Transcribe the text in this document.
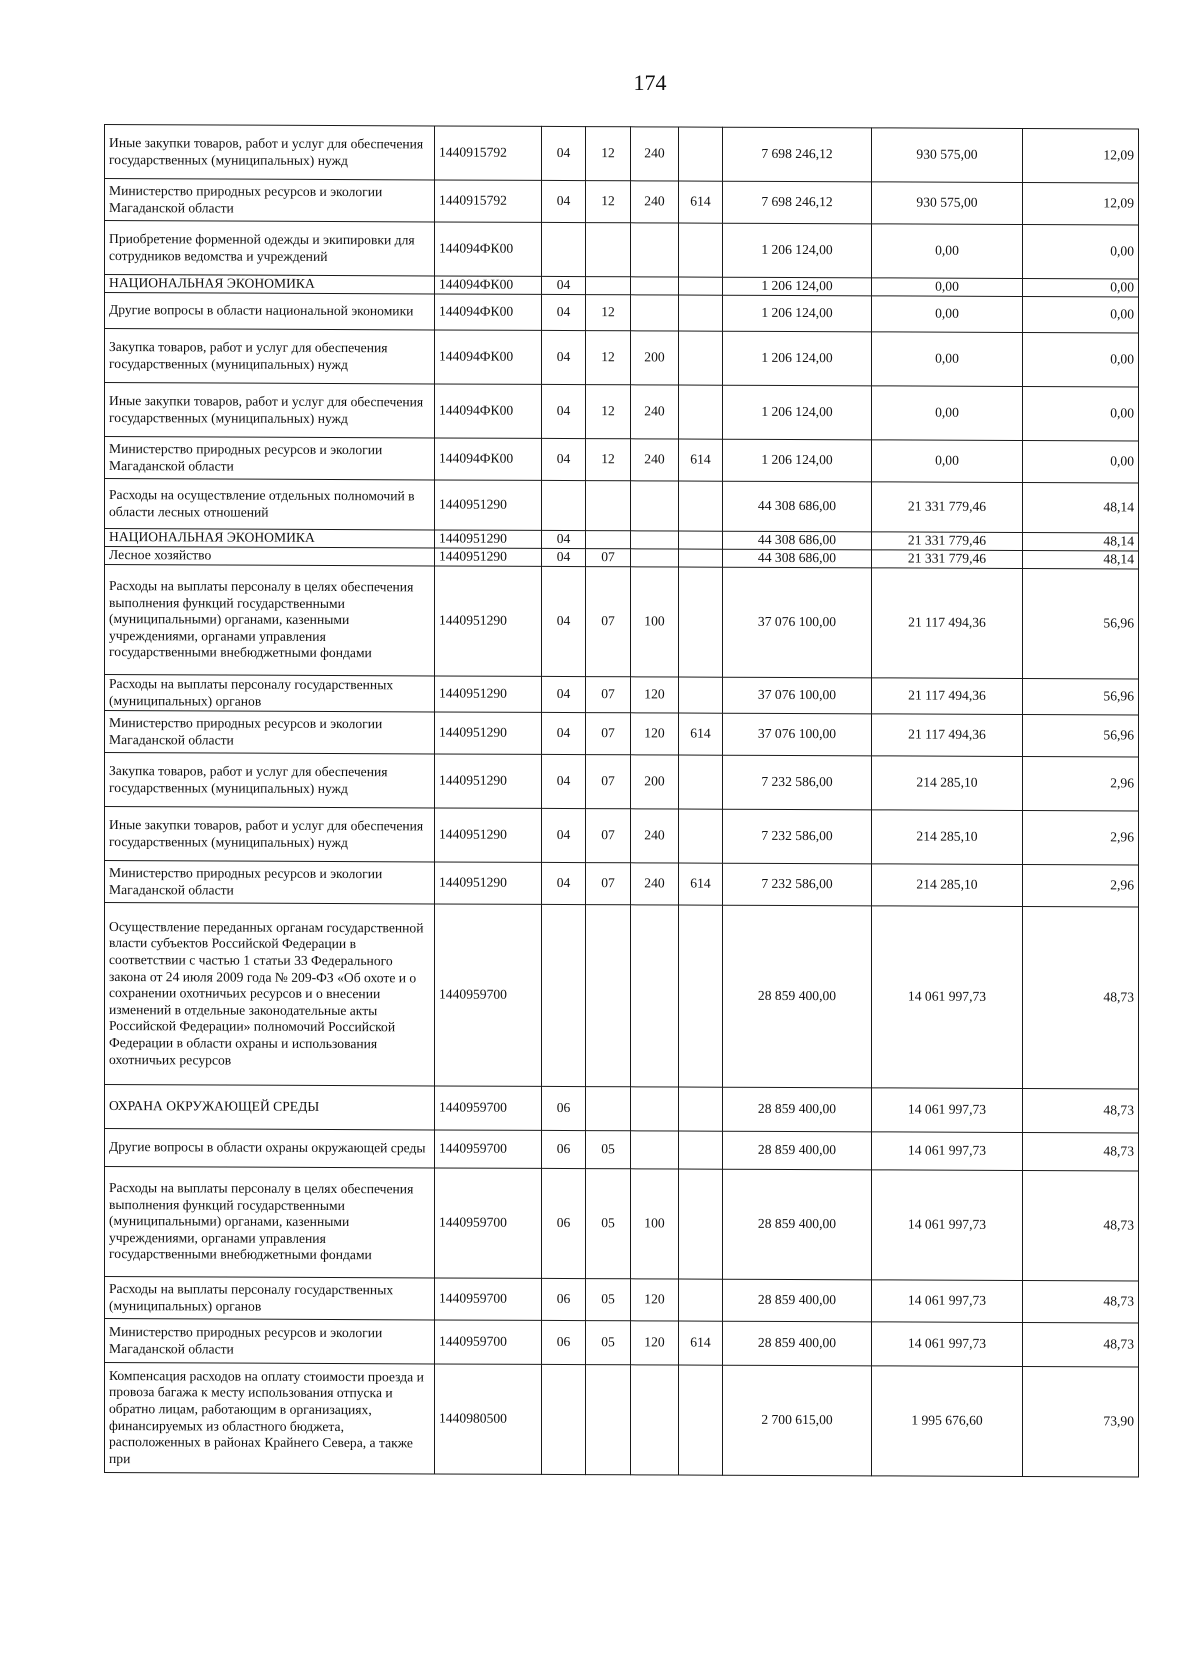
174
Иные закупки товаров, работ и услуг для обеспечения государственных (муниципальных) нужд	1440915792	04	12	240		7 698 246,12	930 575,00	12,09
Министерство природных ресурсов и экологии Магаданской области	1440915792	04	12	240	614	7 698 246,12	930 575,00	12,09
Приобретение форменной одежды и экипировки для сотрудников ведомства и учреждений	144094ФК00					1 206 124,00	0,00	0,00
НАЦИОНАЛЬНАЯ ЭКОНОМИКА	144094ФК00	04				1 206 124,00	0,00	0,00
Другие вопросы в области национальной экономики	144094ФК00	04	12			1 206 124,00	0,00	0,00
Закупка товаров, работ и услуг для обеспечения государственных (муниципальных) нужд	144094ФК00	04	12	200		1 206 124,00	0,00	0,00
Иные закупки товаров, работ и услуг для обеспечения государственных (муниципальных) нужд	144094ФК00	04	12	240		1 206 124,00	0,00	0,00
Министерство природных ресурсов и экологии Магаданской области	144094ФК00	04	12	240	614	1 206 124,00	0,00	0,00
Расходы на осуществление отдельных полномочий в области лесных отношений	1440951290					44 308 686,00	21 331 779,46	48,14
НАЦИОНАЛЬНАЯ ЭКОНОМИКА	1440951290	04				44 308 686,00	21 331 779,46	48,14
Лесное хозяйство	1440951290	04	07			44 308 686,00	21 331 779,46	48,14
Расходы на выплаты персоналу в целях обеспечения выполнения функций государственными (муниципальными) органами, казенными учреждениями, органами управления государственными внебюджетными фондами	1440951290	04	07	100		37 076 100,00	21 117 494,36	56,96
Расходы на выплаты персоналу государственных (муниципальных) органов	1440951290	04	07	120		37 076 100,00	21 117 494,36	56,96
Министерство природных ресурсов и экологии Магаданской области	1440951290	04	07	120	614	37 076 100,00	21 117 494,36	56,96
Закупка товаров, работ и услуг для обеспечения государственных (муниципальных) нужд	1440951290	04	07	200		7 232 586,00	214 285,10	2,96
Иные закупки товаров, работ и услуг для обеспечения государственных (муниципальных) нужд	1440951290	04	07	240		7 232 586,00	214 285,10	2,96
Министерство природных ресурсов и экологии Магаданской области	1440951290	04	07	240	614	7 232 586,00	214 285,10	2,96
Осуществление переданных органам государственной власти субъектов Российской Федерации в соответствии с частью 1 статьи 33 Федерального закона от 24 июля 2009 года № 209-ФЗ «Об охоте и о сохранении охотничьих ресурсов и о внесении изменений в отдельные законодательные акты Российской Федерации» полномочий Российской Федерации в области охраны и использования охотничьих ресурсов	1440959700					28 859 400,00	14 061 997,73	48,73
ОХРАНА ОКРУЖАЮЩЕЙ СРЕДЫ	1440959700	06				28 859 400,00	14 061 997,73	48,73
Другие вопросы в области охраны окружающей среды	1440959700	06	05			28 859 400,00	14 061 997,73	48,73
Расходы на выплаты персоналу в целях обеспечения выполнения функций государственными (муниципальными) органами, казенными учреждениями, органами управления государственными внебюджетными фондами	1440959700	06	05	100		28 859 400,00	14 061 997,73	48,73
Расходы на выплаты персоналу государственных (муниципальных) органов	1440959700	06	05	120		28 859 400,00	14 061 997,73	48,73
Министерство природных ресурсов и экологии Магаданской области	1440959700	06	05	120	614	28 859 400,00	14 061 997,73	48,73
Компенсация расходов на оплату стоимости проезда и провоза багажа к месту использования отпуска и обратно лицам, работающим в организациях, финансируемых из областного бюджета, расположенных в районах Крайнего Севера, а также при	1440980500					2 700 615,00	1 995 676,60	73,90
